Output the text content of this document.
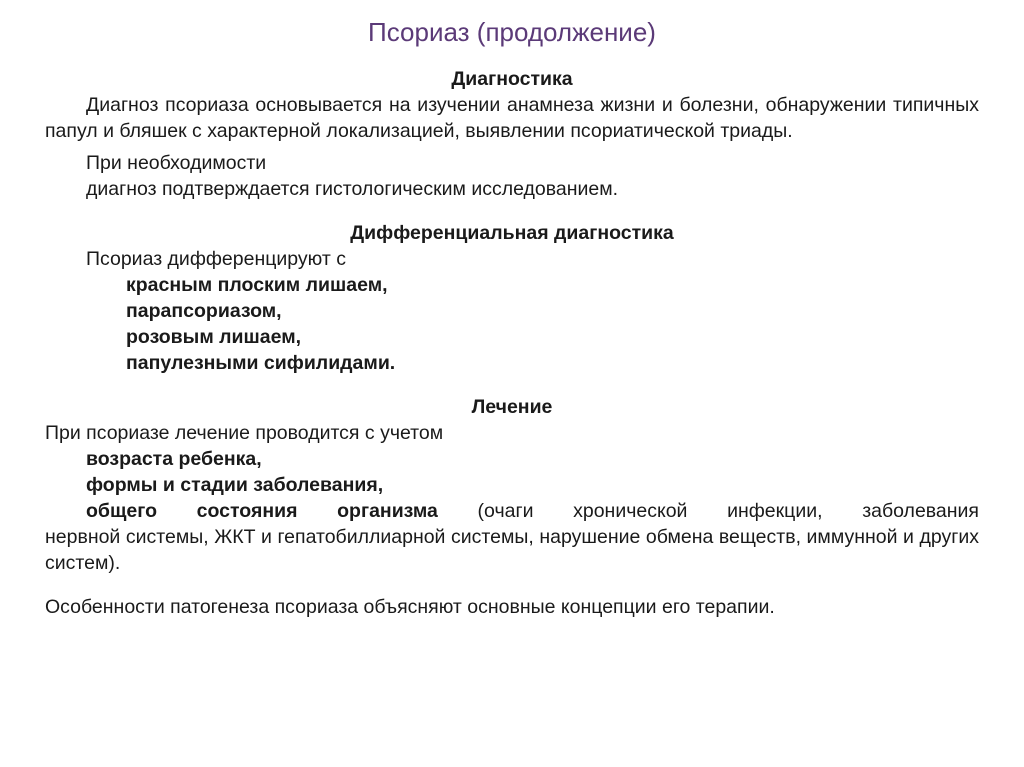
Псориаз (продолжение)

Диагностика

Диагноз псориаза основывается на изучении анамнеза жизни и болезни, обнаружении типичных папул и бляшек с характерной локализацией, выявлении псориатической триады.

При необходимости

диагноз подтверждается гистологическим исследованием.

Дифференциальная диагностика

Псориаз дифференцируют с

красным плоским лишаем,

парапсориазом,

розовым лишаем,

папулезными сифилидами.

Лечение

При псориазе лечение проводится с учетом

возраста ребенка,

формы и стадии заболевания,

общего состояния организма (очаги хронической инфекции, заболевания

нервной системы, ЖКТ и гепатобиллиарной системы, нарушение обмена веществ, иммунной и других систем).

Особенности патогенеза псориаза объясняют основные концепции его терапии.
